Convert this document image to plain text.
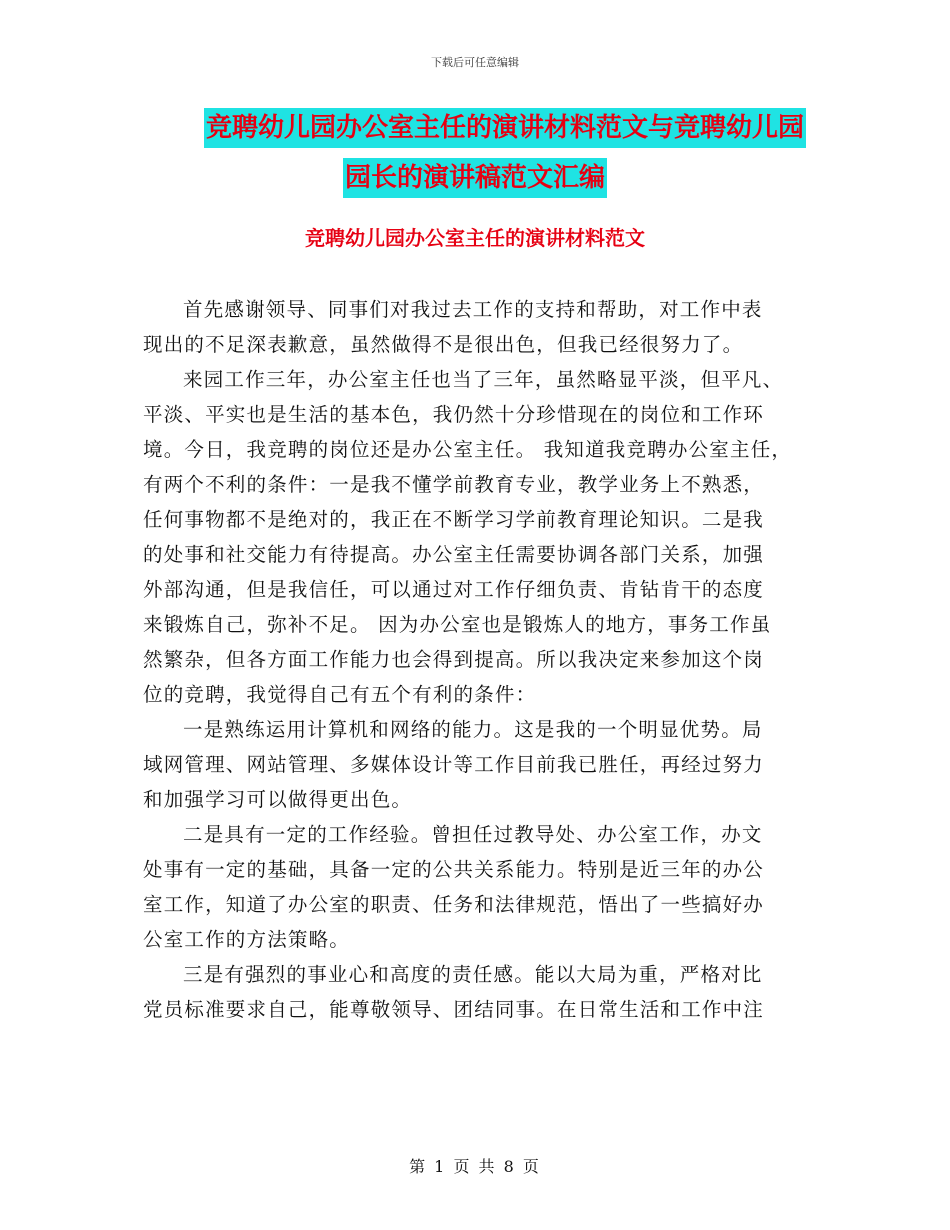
下载后可任意编辑
竞聘幼儿园办公室主任的演讲材料范文与竞聘幼儿园
园长的演讲稿范文汇编
竞聘幼儿园办公室主任的演讲材料范文
首先感谢领导、同事们对我过去工作的支持和帮助，对工作中表
现出的不足深表歉意，虽然做得不是很出色，但我已经很努力了。
来园工作三年，办公室主任也当了三年，虽然略显平淡，但平凡、
平淡、平实也是生活的基本色，我仍然十分珍惜现在的岗位和工作环
境。今日，我竞聘的岗位还是办公室主任。 我知道我竞聘办公室主任，
有两个不利的条件：一是我不懂学前教育专业，教学业务上不熟悉，
任何事物都不是绝对的，我正在不断学习学前教育理论知识。二是我
的处事和社交能力有待提高。办公室主任需要协调各部门关系，加强
外部沟通，但是我信任，可以通过对工作仔细负责、肯钻肯干的态度
来锻炼自己，弥补不足。 因为办公室也是锻炼人的地方，事务工作虽
然繁杂，但各方面工作能力也会得到提高。所以我决定来参加这个岗
位的竞聘，我觉得自己有五个有利的条件：
一是熟练运用计算机和网络的能力。这是我的一个明显优势。局
域网管理、网站管理、多媒体设计等工作目前我已胜任，再经过努力
和加强学习可以做得更出色。
二是具有一定的工作经验。曾担任过教导处、办公室工作，办文
处事有一定的基础，具备一定的公共关系能力。特别是近三年的办公
室工作，知道了办公室的职责、任务和法律规范，悟出了一些搞好办
公室工作的方法策略。
三是有强烈的事业心和高度的责任感。能以大局为重，严格对比
党员标准要求自己，能尊敬领导、团结同事。在日常生活和工作中注
第 1 页 共 8 页
